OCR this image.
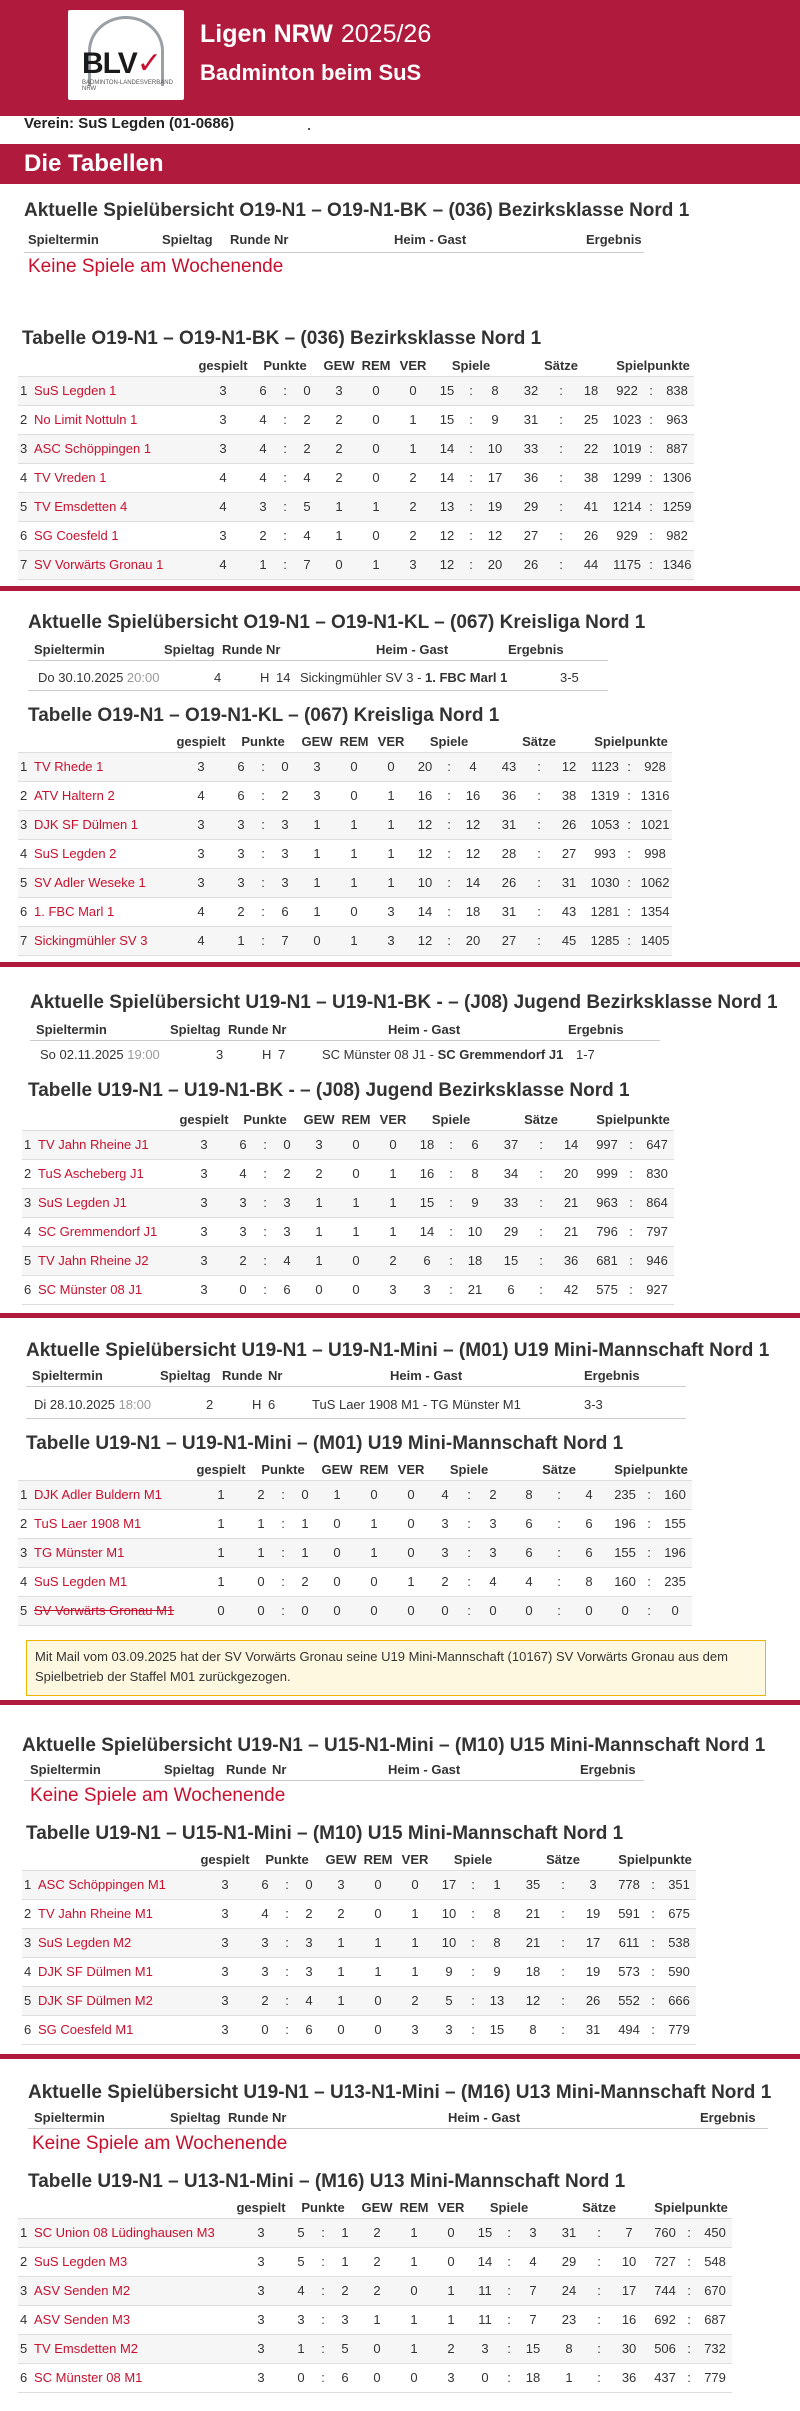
BLV✓
BADMINTON-LANDESVERBAND NRW
Ligen NRW 2025/26
Badminton beim SuS
Verein: SuS Legden (01-0686)
Die Tabellen
Aktuelle Spielübersicht O19-N1 – O19-N1-BK – (036) Bezirksklasse Nord 1
Spieltermin	Spieltag Runde Nr	Heim - Gast	Ergebnis
Keine Spiele am Wochenende
Tabelle O19-N1 – O19-N1-BK – (036) Bezirksklasse Nord 1
		gespielt	Punkte			GEW	REM	VER	Spiele			Sätze			Spielpunkte		
1	SuS Legden 1	3	6	:	0	3	0	0	15	:	8	32	:	18	922	:	838
2	No Limit Nottuln 1	3	4	:	2	2	0	1	15	:	9	31	:	25	1023	:	963
3	ASC Schöppingen 1	3	4	:	2	2	0	1	14	:	10	33	:	22	1019	:	887
4	TV Vreden 1	4	4	:	4	2	0	2	14	:	17	36	:	38	1299	:	1306
5	TV Emsdetten 4	4	3	:	5	1	1	2	13	:	19	29	:	41	1214	:	1259
6	SG Coesfeld 1	3	2	:	4	1	0	2	12	:	12	27	:	26	929	:	982
7	SV Vorwärts Gronau 1	4	1	:	7	0	1	3	12	:	20	26	:	44	1175	:	1346
Aktuelle Spielübersicht O19-N1 – O19-N1-KL – (067) Kreisliga Nord 1
Spieltermin	Spieltag Runde Nr	Heim - Gast	Ergebnis
Do 30.10.2025 20:00	4	H 14 Sickingmühler SV 3 - 1. FBC Marl 1	3-5
Tabelle O19-N1 – O19-N1-KL – (067) Kreisliga Nord 1
		gespielt	Punkte			GEW	REM	VER	Spiele			Sätze			Spielpunkte		
1	TV Rhede 1	3	6	:	0	3	0	0	20	:	4	43	:	12	1123	:	928
2	ATV Haltern 2	4	6	:	2	3	0	1	16	:	16	36	:	38	1319	:	1316
3	DJK SF Dülmen 1	3	3	:	3	1	1	1	12	:	12	31	:	26	1053	:	1021
4	SuS Legden 2	3	3	:	3	1	1	1	12	:	12	28	:	27	993	:	998
5	SV Adler Weseke 1	3	3	:	3	1	1	1	10	:	14	26	:	31	1030	:	1062
6	1. FBC Marl 1	4	2	:	6	1	0	3	14	:	18	31	:	43	1281	:	1354
7	Sickingmühler SV 3	4	1	:	7	0	1	3	12	:	20	27	:	45	1285	:	1405
Aktuelle Spielübersicht U19-N1 – U19-N1-BK - – (J08) Jugend Bezirksklasse Nord 1
Spieltermin	Spieltag Runde Nr	Heim - Gast	Ergebnis
So 02.11.2025 19:00	3	H 7	SC Münster 08 J1 - SC Gremmendorf J1 1-7
Tabelle U19-N1 – U19-N1-BK - – (J08) Jugend Bezirksklasse Nord 1
		gespielt	Punkte			GEW	REM	VER	Spiele			Sätze			Spielpunkte		
1	TV Jahn Rheine J1	3	6	:	0	3	0	0	18	:	6	37	:	14	997	:	647
2	TuS Ascheberg J1	3	4	:	2	2	0	1	16	:	8	34	:	20	999	:	830
3	SuS Legden J1	3	3	:	3	1	1	1	15	:	9	33	:	21	963	:	864
4	SC Gremmendorf J1	3	3	:	3	1	1	1	14	:	10	29	:	21	796	:	797
5	TV Jahn Rheine J2	3	2	:	4	1	0	2	6	:	18	15	:	36	681	:	946
6	SC Münster 08 J1	3	0	:	6	0	0	3	3	:	21	6	:	42	575	:	927
Aktuelle Spielübersicht U19-N1 – U19-N1-Mini – (M01) U19 Mini-Mannschaft Nord 1
Spieltermin	Spieltag Runde Nr	Heim - Gast	Ergebnis
Di 28.10.2025 18:00	2	H 6	TuS Laer 1908 M1 - TG Münster M1	3-3
Tabelle U19-N1 – U19-N1-Mini – (M01) U19 Mini-Mannschaft Nord 1
		gespielt	Punkte			GEW	REM	VER	Spiele			Sätze			Spielpunkte		
1	DJK Adler Buldern M1	1	2	:	0	1	0	0	4	:	2	8	:	4	235	:	160
2	TuS Laer 1908 M1	1	1	:	1	0	1	0	3	:	3	6	:	6	196	:	155
3	TG Münster M1	1	1	:	1	0	1	0	3	:	3	6	:	6	155	:	196
4	SuS Legden M1	1	0	:	2	0	0	1	2	:	4	4	:	8	160	:	235
5	SV Vorwärts Gronau M1	0	0	:	0	0	0	0	0	:	0	0	:	0	0	:	0
Mit Mail vom 03.09.2025 hat der SV Vorwärts Gronau seine U19 Mini-Mannschaft (10167) SV Vorwärts Gronau aus dem Spielbetrieb der Staffel M01 zurückgezogen.
Aktuelle Spielübersicht U19-N1 – U15-N1-Mini – (M10) U15 Mini-Mannschaft Nord 1
Spieltermin	Spieltag Runde Nr	Heim - Gast	Ergebnis
Keine Spiele am Wochenende
Tabelle U19-N1 – U15-N1-Mini – (M10) U15 Mini-Mannschaft Nord 1
		gespielt	Punkte			GEW	REM	VER	Spiele			Sätze			Spielpunkte		
1	ASC Schöppingen M1	3	6	:	0	3	0	0	17	:	1	35	:	3	778	:	351
2	TV Jahn Rheine M1	3	4	:	2	2	0	1	10	:	8	21	:	19	591	:	675
3	SuS Legden M2	3	3	:	3	1	1	1	10	:	8	21	:	17	611	:	538
4	DJK SF Dülmen M1	3	3	:	3	1	1	1	9	:	9	18	:	19	573	:	590
5	DJK SF Dülmen M2	3	2	:	4	1	0	2	5	:	13	12	:	26	552	:	666
6	SG Coesfeld M1	3	0	:	6	0	0	3	3	:	15	8	:	31	494	:	779
Aktuelle Spielübersicht U19-N1 – U13-N1-Mini – (M16) U13 Mini-Mannschaft Nord 1
Spieltermin	Spieltag Runde Nr	Heim - Gast	Ergebnis
Keine Spiele am Wochenende
Tabelle U19-N1 – U13-N1-Mini – (M16) U13 Mini-Mannschaft Nord 1
		gespielt	Punkte			GEW	REM	VER	Spiele			Sätze			Spielpunkte		
1	SC Union 08 Lüdinghausen M3	3	5	:	1	2	1	0	15	:	3	31	:	7	760	:	450
2	SuS Legden M3	3	5	:	1	2	1	0	14	:	4	29	:	10	727	:	548
3	ASV Senden M2	3	4	:	2	2	0	1	11	:	7	24	:	17	744	:	670
4	ASV Senden M3	3	3	:	3	1	1	1	11	:	7	23	:	16	692	:	687
5	TV Emsdetten M2	3	1	:	5	0	1	2	3	:	15	8	:	30	506	:	732
6	SC Münster 08 M1	3	0	:	6	0	0	3	0	:	18	1	:	36	437	:	779
